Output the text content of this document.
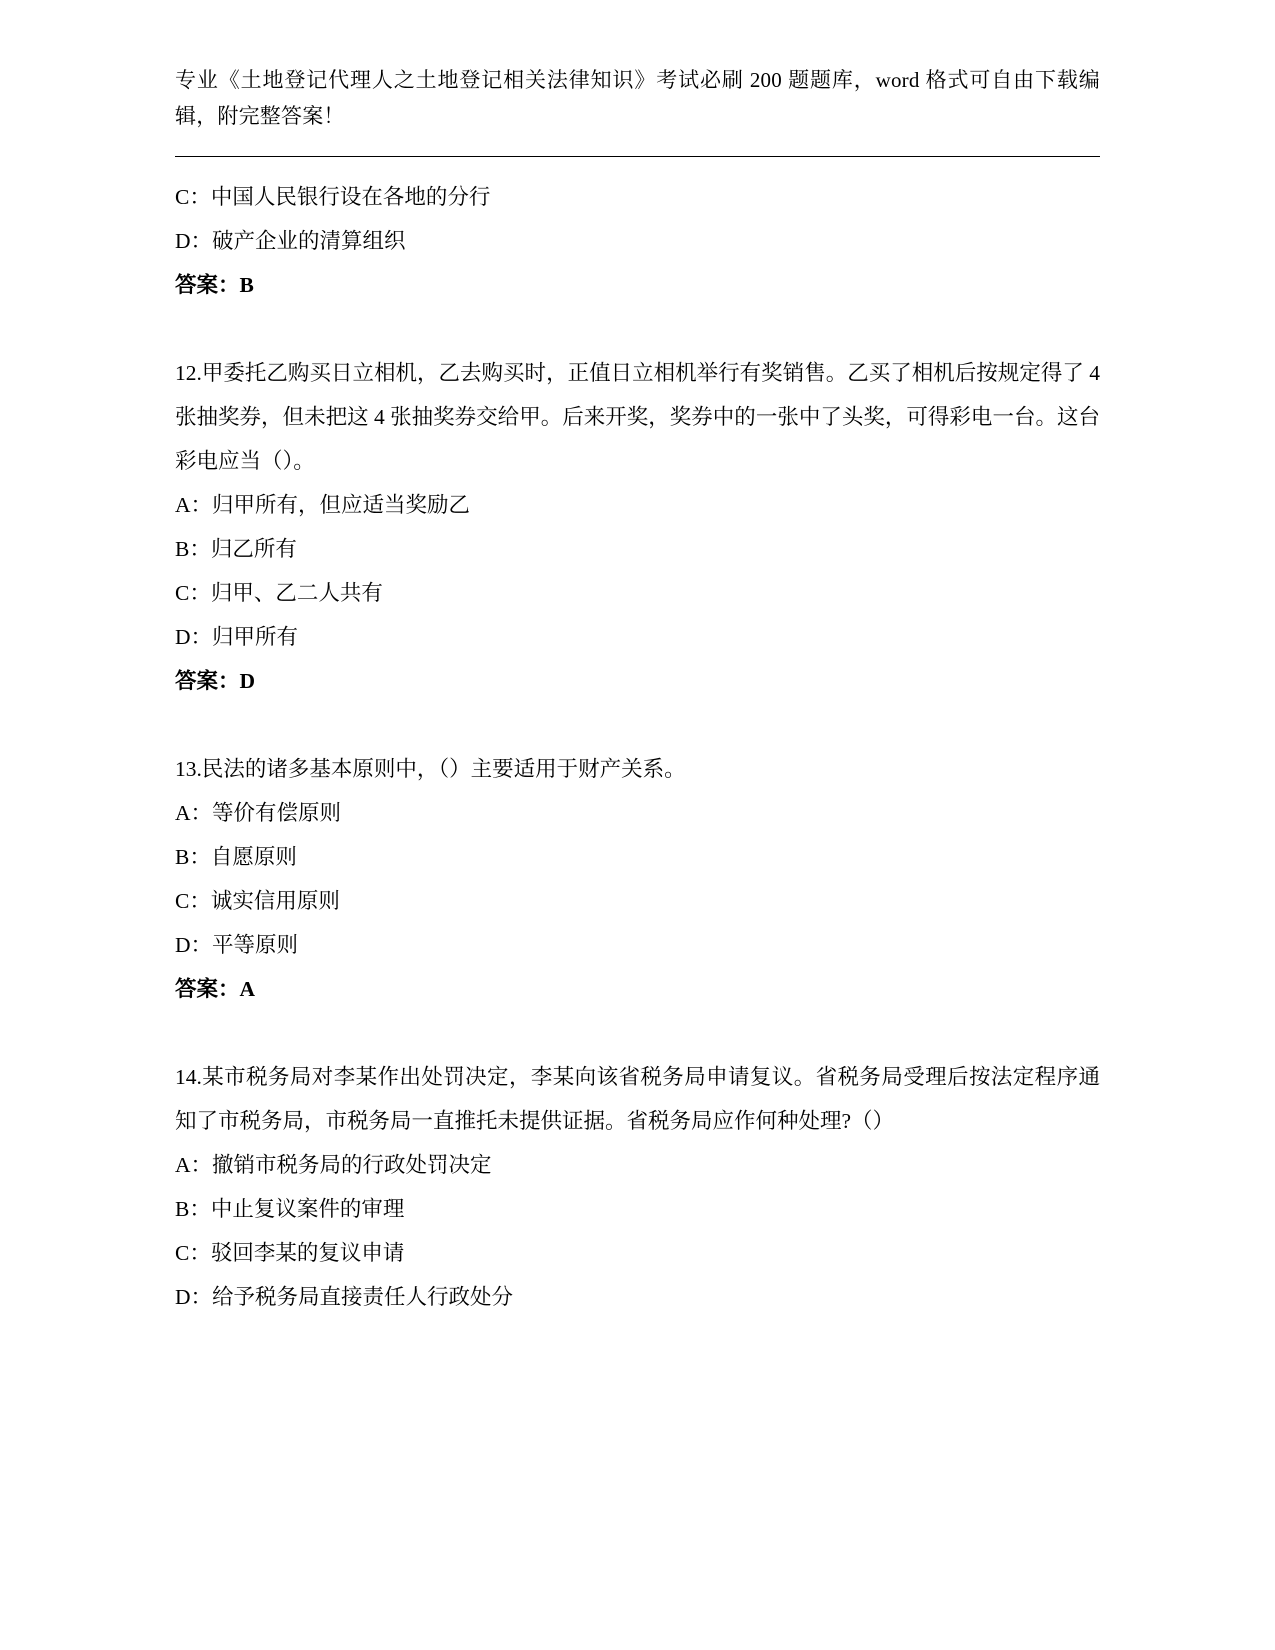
专业《土地登记代理人之土地登记相关法律知识》考试必刷 200 题题库，word 格式可自由下载编辑，附完整答案！
C：中国人民银行设在各地的分行
D：破产企业的清算组织
答案：B
12.甲委托乙购买日立相机，乙去购买时，正值日立相机举行有奖销售。乙买了相机后按规定得了 4 张抽奖券，但未把这 4 张抽奖券交给甲。后来开奖，奖券中的一张中了头奖，可得彩电一台。这台彩电应当（）。
A：归甲所有，但应适当奖励乙
B：归乙所有
C：归甲、乙二人共有
D：归甲所有
答案：D
13.民法的诸多基本原则中，（）主要适用于财产关系。
A：等价有偿原则
B：自愿原则
C：诚实信用原则
D：平等原则
答案：A
14.某市税务局对李某作出处罚决定，李某向该省税务局申请复议。省税务局受理后按法定程序通知了市税务局，市税务局一直推托未提供证据。省税务局应作何种处理?（）
A：撤销市税务局的行政处罚决定
B：中止复议案件的审理
C：驳回李某的复议申请
D：给予税务局直接责任人行政处分
